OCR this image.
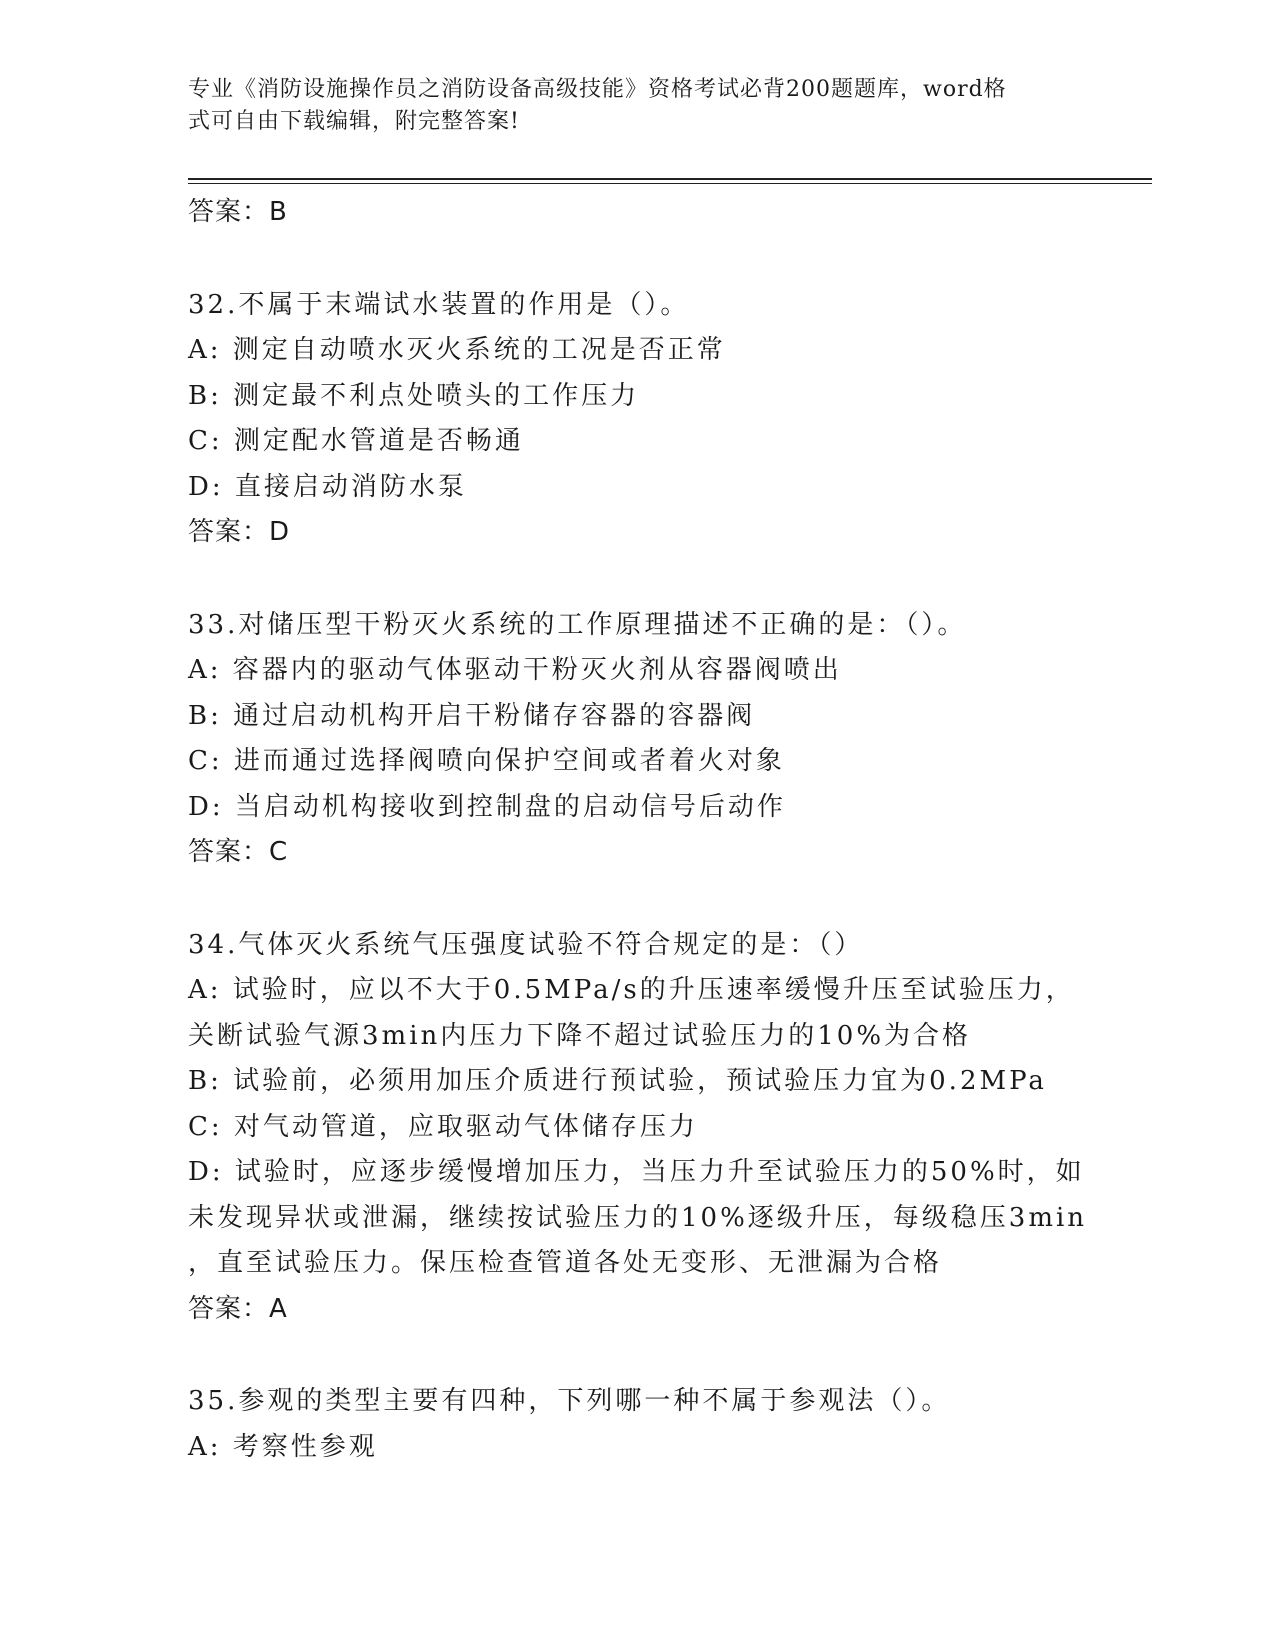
专业《消防设施操作员之消防设备高级技能》资格考试必背200题题库，word格
式可自由下载编辑，附完整答案!
答案：B
32.不属于末端试水装置的作用是（）。
A: 测定自动喷水灭火系统的工况是否正常
B: 测定最不利点处喷头的工作压力
C: 测定配水管道是否畅通
D: 直接启动消防水泵
答案：D
33.对储压型干粉灭火系统的工作原理描述不正确的是：（）。
A: 容器内的驱动气体驱动干粉灭火剂从容器阀喷出
B: 通过启动机构开启干粉储存容器的容器阀
C: 进而通过选择阀喷向保护空间或者着火对象
D: 当启动机构接收到控制盘的启动信号后动作
答案：C
34.气体灭火系统气压强度试验不符合规定的是：（）
A: 试验时，应以不大于0.5MPa/s的升压速率缓慢升压至试验压力，
关断试验气源3min内压力下降不超过试验压力的10%为合格
B: 试验前，必须用加压介质进行预试验，预试验压力宜为0.2MPa
C: 对气动管道，应取驱动气体储存压力
D: 试验时，应逐步缓慢增加压力，当压力升至试验压力的50%时，如
未发现异状或泄漏，继续按试验压力的10%逐级升压，每级稳压3min
，直至试验压力。保压检查管道各处无变形、无泄漏为合格
答案：A
35.参观的类型主要有四种，下列哪一种不属于参观法（）。
A: 考察性参观
